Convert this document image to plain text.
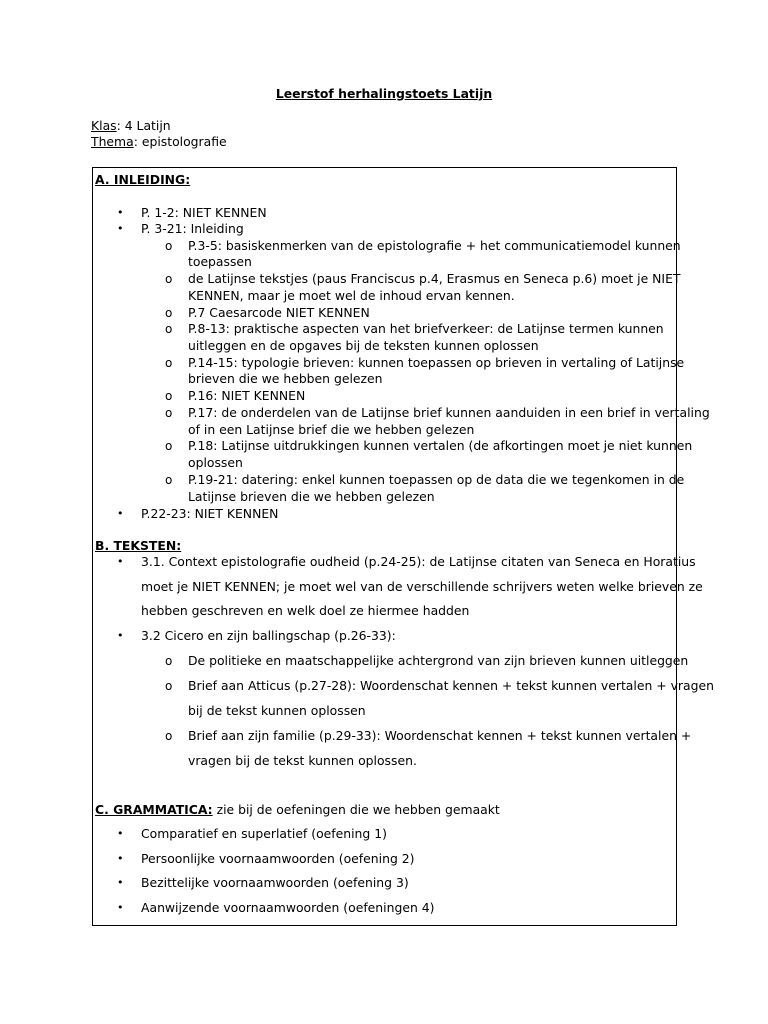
Leerstof herhalingstoets Latijn
Klas: 4 Latijn
Thema: epistolografie
A. INLEIDING:
• P. 1-2: NIET KENNEN
• P. 3-21: Inleiding
o P.3-5: basiskenmerken van de epistolografie + het communicatiemodel kunnen
toepassen
o de Latijnse tekstjes (paus Franciscus p.4, Erasmus en Seneca p.6) moet je NIET
KENNEN, maar je moet wel de inhoud ervan kennen.
o P.7 Caesarcode NIET KENNEN
o P.8-13: praktische aspecten van het briefverkeer: de Latijnse termen kunnen
uitleggen en de opgaves bij de teksten kunnen oplossen
o P.14-15: typologie brieven: kunnen toepassen op brieven in vertaling of Latijnse
brieven die we hebben gelezen
o P.16: NIET KENNEN
o P.17: de onderdelen van de Latijnse brief kunnen aanduiden in een brief in vertaling
of in een Latijnse brief die we hebben gelezen
o P.18: Latijnse uitdrukkingen kunnen vertalen (de afkortingen moet je niet kunnen
oplossen
o P.19-21: datering: enkel kunnen toepassen op de data die we tegenkomen in de
Latijnse brieven die we hebben gelezen
• P.22-23: NIET KENNEN
B. TEKSTEN:
• 3.1. Context epistolografie oudheid (p.24-25): de Latijnse citaten van Seneca en Horatius
moet je NIET KENNEN; je moet wel van de verschillende schrijvers weten welke brieven ze
hebben geschreven en welk doel ze hiermee hadden
• 3.2 Cicero en zijn ballingschap (p.26-33):
o De politieke en maatschappelijke achtergrond van zijn brieven kunnen uitleggen
o Brief aan Atticus (p.27-28): Woordenschat kennen + tekst kunnen vertalen + vragen
bij de tekst kunnen oplossen
o Brief aan zijn familie (p.29-33): Woordenschat kennen + tekst kunnen vertalen +
vragen bij de tekst kunnen oplossen.
C. GRAMMATICA: zie bij de oefeningen die we hebben gemaakt
• Comparatief en superlatief (oefening 1)
• Persoonlijke voornaamwoorden (oefening 2)
• Bezittelijke voornaamwoorden (oefening 3)
• Aanwijzende voornaamwoorden (oefeningen 4)
